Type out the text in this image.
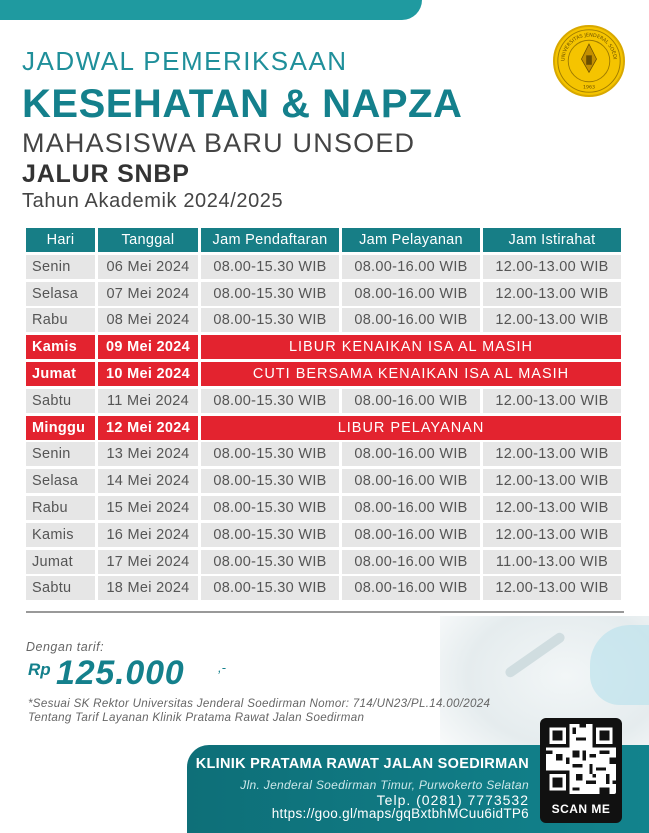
JADWAL PEMERIKSAAN
KESEHATAN & NAPZA
MAHASISWA BARU UNSOED
JALUR SNBP
Tahun Akademik 2024/2025
UNIVERSITAS JENDERAL SOEDI
1963
Hari	Tanggal	Jam Pendaftaran	Jam Pelayanan	Jam Istirahat
Senin	06 Mei 2024	08.00-15.30 WIB	08.00-16.00 WIB	12.00-13.00 WIB
Selasa	07 Mei 2024	08.00-15.30 WIB	08.00-16.00 WIB	12.00-13.00 WIB
Rabu	08 Mei 2024	08.00-15.30 WIB	08.00-16.00 WIB	12.00-13.00 WIB
Kamis	09 Mei 2024	LIBUR KENAIKAN ISA AL MASIH
Jumat	10 Mei 2024	CUTI BERSAMA KENAIKAN ISA AL MASIH
Sabtu	11 Mei 2024	08.00-15.30 WIB	08.00-16.00 WIB	12.00-13.00 WIB
Minggu	12 Mei 2024	LIBUR PELAYANAN
Senin	13 Mei 2024	08.00-15.30 WIB	08.00-16.00 WIB	12.00-13.00 WIB
Selasa	14 Mei 2024	08.00-15.30 WIB	08.00-16.00 WIB	12.00-13.00 WIB
Rabu	15 Mei 2024	08.00-15.30 WIB	08.00-16.00 WIB	12.00-13.00 WIB
Kamis	16 Mei 2024	08.00-15.30 WIB	08.00-16.00 WIB	12.00-13.00 WIB
Jumat	17 Mei 2024	08.00-15.30 WIB	08.00-16.00 WIB	11.00-13.00 WIB
Sabtu	18 Mei 2024	08.00-15.30 WIB	08.00-16.00 WIB	12.00-13.00 WIB
Dengan tarif:
Rp 125.000	,-
*Sesuai SK Rektor Universitas Jenderal Soedirman Nomor: 714/UN23/PL.14.00/2024
Tentang Tarif Layanan Klinik Pratama Rawat Jalan Soedirman
KLINIK PRATAMA RAWAT JALAN SOEDIRMAN
Jln. Jenderal Soedirman Timur, Purwokerto Selatan
Telp. (0281) 7773532
https://goo.gl/maps/gqBxtbhMCuu6idTP6	SCAN ME
